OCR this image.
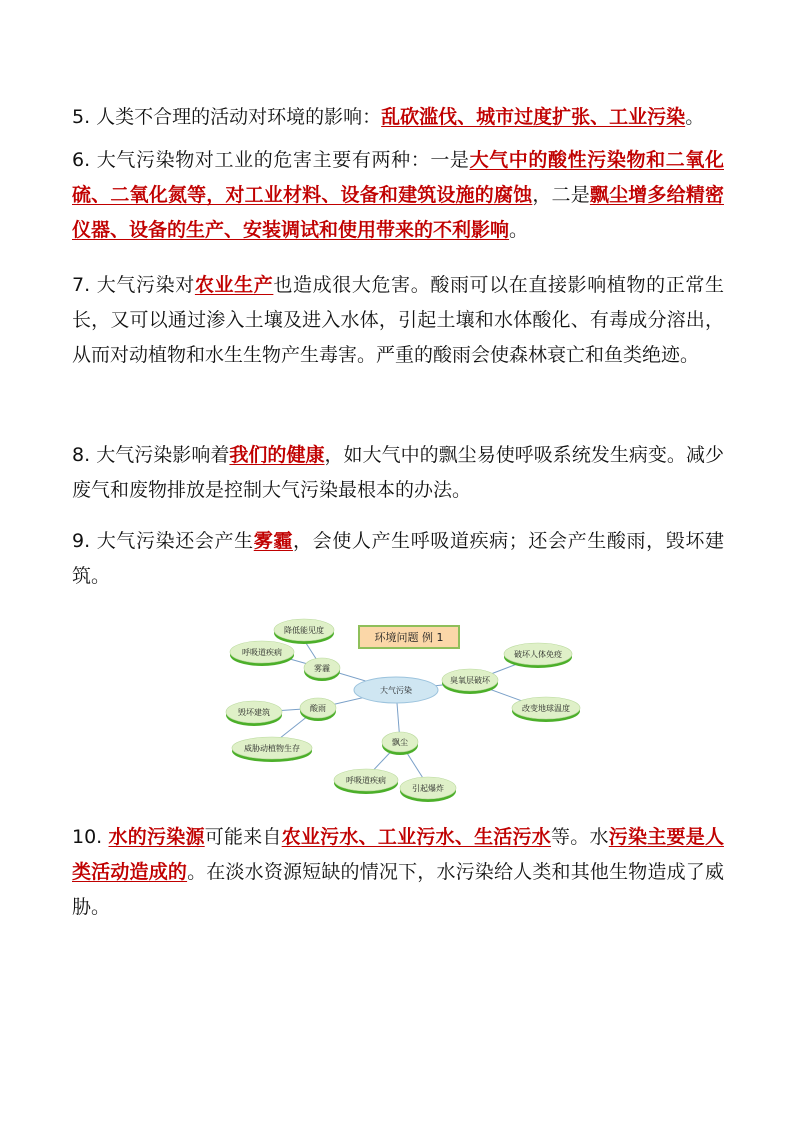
5. 人类不合理的活动对环境的影响：乱砍滥伐、城市过度扩张、工业污染。
6. 大气污染物对工业的危害主要有两种：一是大气中的酸性污染物和二氧化硫、二氧化氮等，对工业材料、设备和建筑设施的腐蚀，二是飘尘增多给精密仪器、设备的生产、安装调试和使用带来的不利影响。
7. 大气污染对农业生产也造成很大危害。酸雨可以在直接影响植物的正常生长，又可以通过渗入土壤及进入水体，引起土壤和水体酸化、有毒成分溶出，从而对动植物和水生生物产生毒害。严重的酸雨会使森林衰亡和鱼类绝迹。
8. 大气污染影响着我们的健康，如大气中的飘尘易使呼吸系统发生病变。减少废气和废物排放是控制大气污染最根本的办法。
9. 大气污染还会产生雾霾，会使人产生呼吸道疾病；还会产生酸雨，毁坏建筑。
环境问题 例 1
大气污染
降低能见度
呼吸道疾病
雾霾
毁坏建筑	酸雨
威胁动植物生存
飘尘
呼吸道疾病
引起爆炸
臭氧层破坏
破坏人体免疫
改变地球温度
10. 水的污染源可能来自农业污水、工业污水、生活污水等。水污染主要是人类活动造成的。在淡水资源短缺的情况下，水污染给人类和其他生物造成了威胁。
